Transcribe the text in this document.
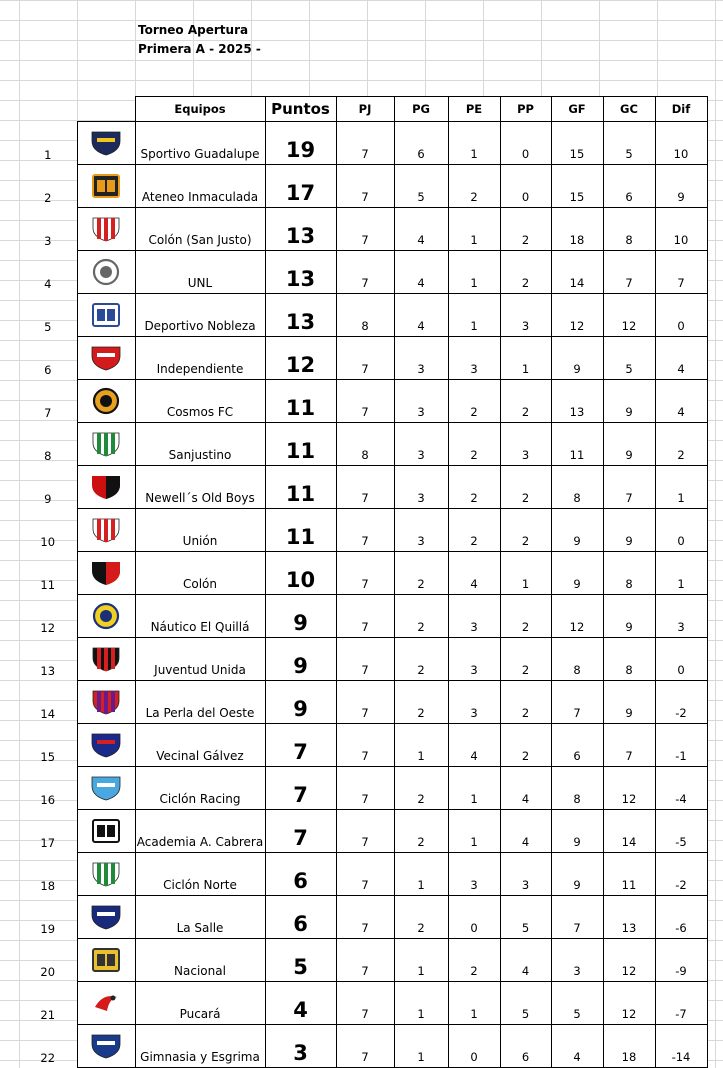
Torneo Apertura
Primera A - 2025 -
		Equipos	Puntos	PJ	PG	PE	PP	GF	GC	Dif
1		Sportivo Guadalupe	19	7	6	1	0	15	5	10
2		Ateneo Inmaculada	17	7	5	2	0	15	6	9
3		Colón (San Justo)	13	7	4	1	2	18	8	10
4		UNL	13	7	4	1	2	14	7	7
5		Deportivo Nobleza	13	8	4	1	3	12	12	0
6		Independiente	12	7	3	3	1	9	5	4
7		Cosmos FC	11	7	3	2	2	13	9	4
8		Sanjustino	11	8	3	2	3	11	9	2
9		Newell´s Old Boys	11	7	3	2	2	8	7	1
10		Unión	11	7	3	2	2	9	9	0
11		Colón	10	7	2	4	1	9	8	1
12		Náutico El Quillá	9	7	2	3	2	12	9	3
13		Juventud Unida	9	7	2	3	2	8	8	0
14		La Perla del Oeste	9	7	2	3	2	7	9	-2
15		Vecinal Gálvez	7	7	1	4	2	6	7	-1
16		Ciclón Racing	7	7	2	1	4	8	12	-4
17		Academia A. Cabrera	7	7	2	1	4	9	14	-5
18		Ciclón Norte	6	7	1	3	3	9	11	-2
19		La Salle	6	7	2	0	5	7	13	-6
20		Nacional	5	7	1	2	4	3	12	-9
21		Pucará	4	7	1	1	5	5	12	-7
22		Gimnasia y Esgrima	3	7	1	0	6	4	18	-14
